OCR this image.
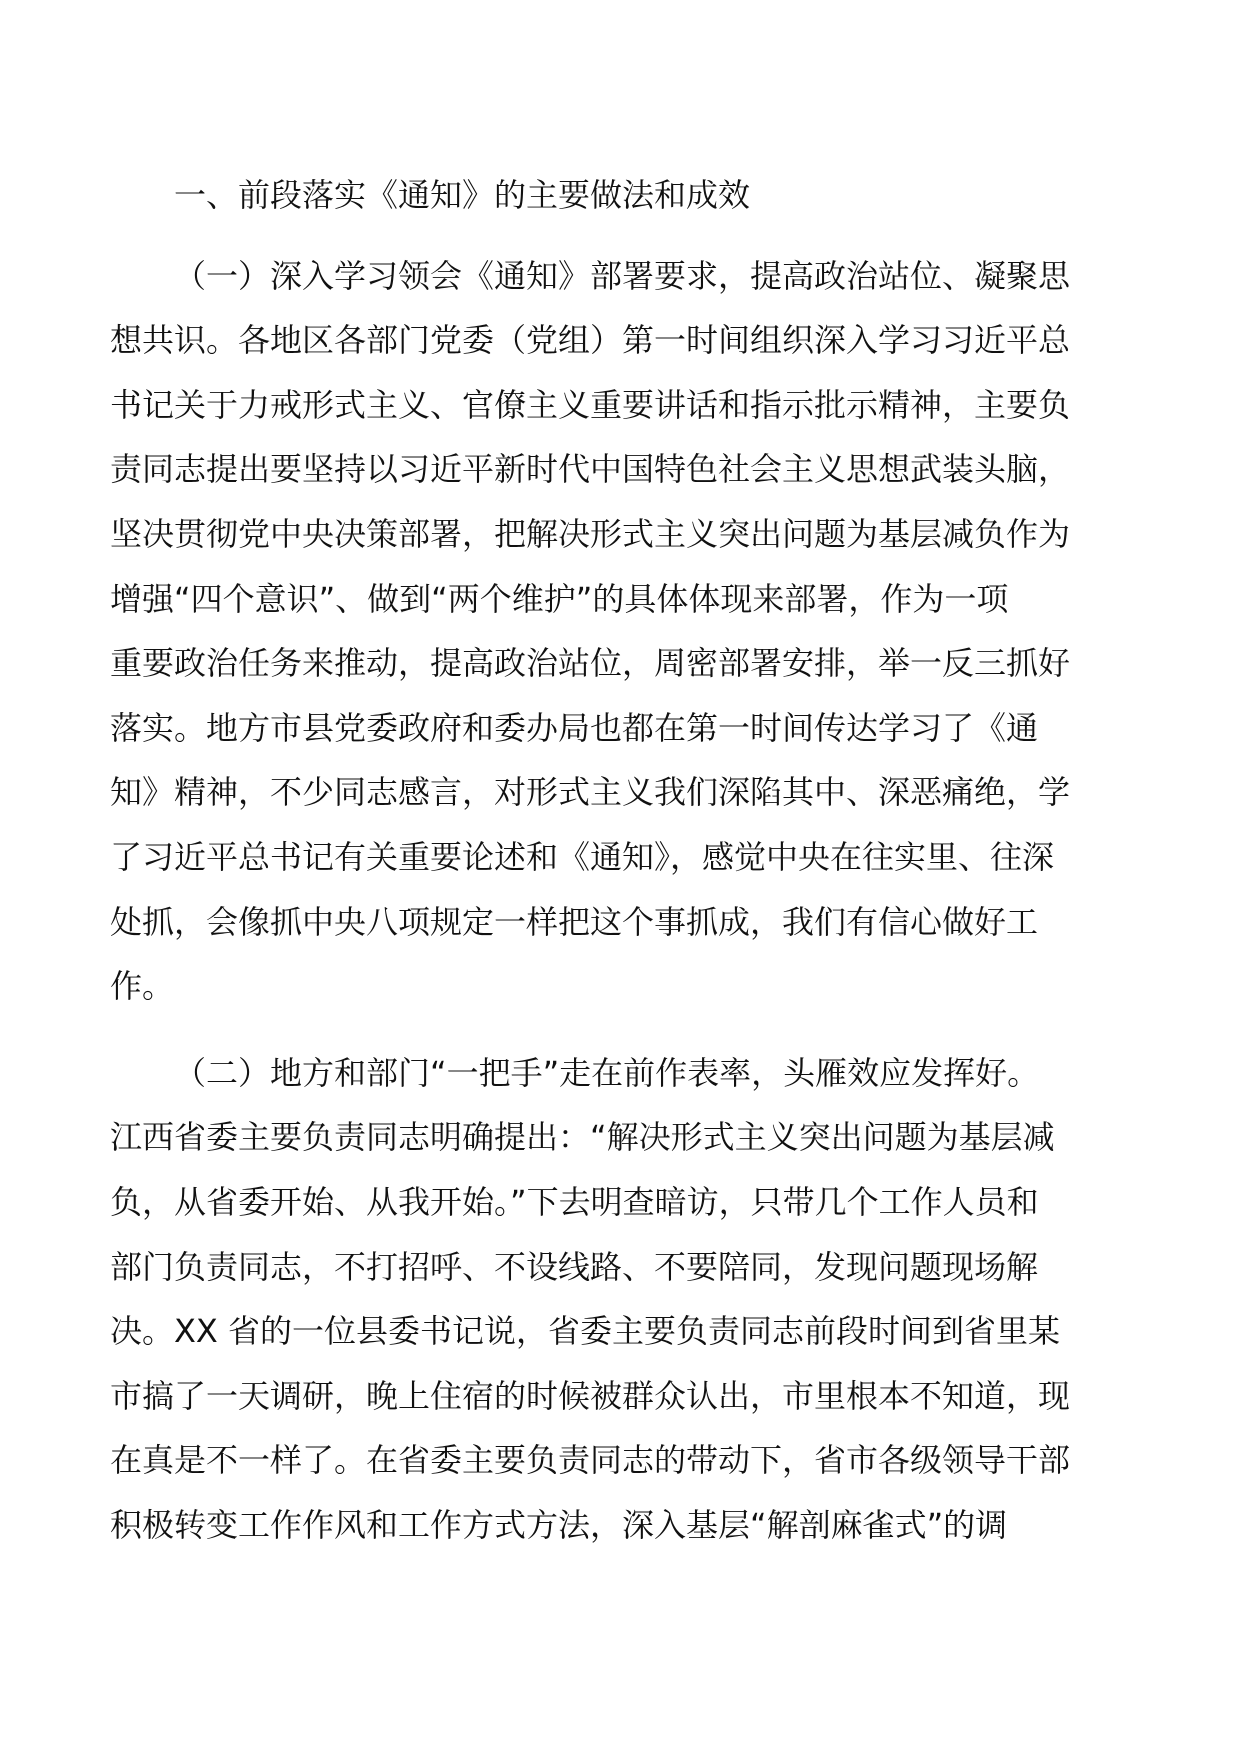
一、前段落实《通知》的主要做法和成效

（一）深入学习领会《通知》部署要求，提高政治站位、凝聚思
想共识。各地区各部门党委（党组）第一时间组织深入学习习近平总
书记关于力戒形式主义、官僚主义重要讲话和指示批示精神，主要负
责同志提出要坚持以习近平新时代中国特色社会主义思想武装头脑，
坚决贯彻党中央决策部署，把解决形式主义突出问题为基层减负作为
增强“四个意识”、做到“两个维护”的具体体现来部署，作为一项
重要政治任务来推动，提高政治站位，周密部署安排，举一反三抓好
落实。地方市县党委政府和委办局也都在第一时间传达学习了《通
知》精神，不少同志感言，对形式主义我们深陷其中、深恶痛绝，学
了习近平总书记有关重要论述和《通知》，感觉中央在往实里、往深
处抓，会像抓中央八项规定一样把这个事抓成，我们有信心做好工
作。
（二）地方和部门“一把手”走在前作表率，头雁效应发挥好。
江西省委主要负责同志明确提出：“解决形式主义突出问题为基层减
负，从省委开始、从我开始。”下去明查暗访，只带几个工作人员和
部门负责同志，不打招呼、不设线路、不要陪同，发现问题现场解
决。XX 省的一位县委书记说，省委主要负责同志前段时间到省里某
市搞了一天调研，晚上住宿的时候被群众认出，市里根本不知道，现
在真是不一样了。在省委主要负责同志的带动下，省市各级领导干部
积极转变工作作风和工作方式方法，深入基层“解剖麻雀式”的调
